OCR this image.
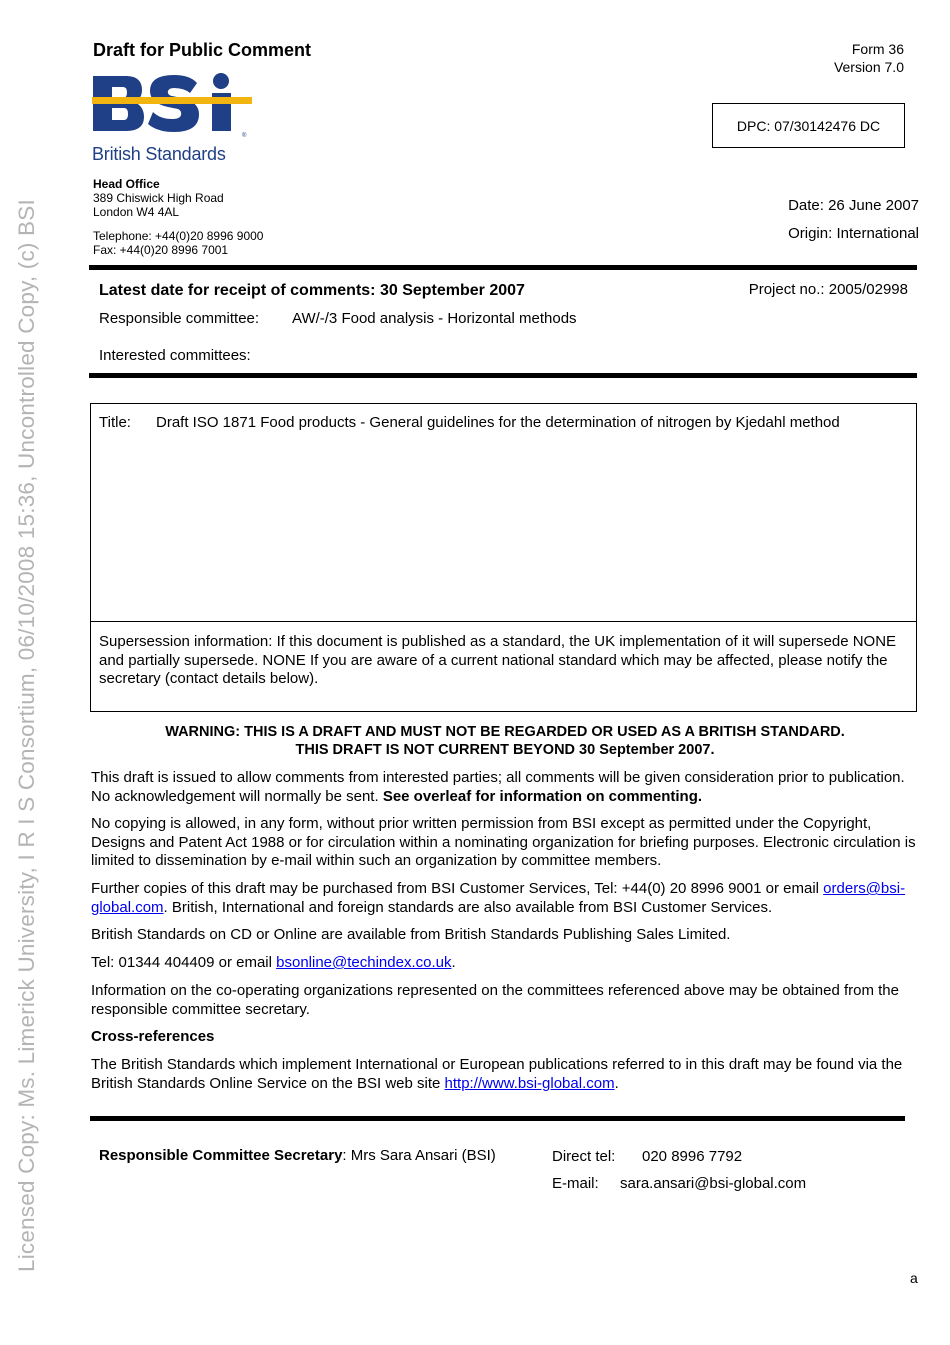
Licensed Copy: Ms. Limerick University, I R I S Consortium, 06/10/2008 15:36, Uncontrolled Copy, (c) BSI
Draft for Public Comment	Form 36
Version 7.0
®
British Standards
DPC: 07/30142476 DC
Head Office
389 Chiswick High Road
London W4 4AL
Telephone: +44(0)20 8996 9000
Fax: +44(0)20 8996 7001
Date: 26 June 2007
Origin: International
Latest date for receipt of comments: 30 September 2007	Project no.: 2005/02998
Responsible committee: AW/-/3 Food analysis - Horizontal methods
Interested committees:
Title: Draft ISO 1871 Food products - General guidelines for the determination of nitrogen by Kjedahl method
Supersession information: If this document is published as a standard, the UK implementation of it will supersede NONE and partially supersede. NONE If you are aware of a current national standard which may be affected, please notify the secretary (contact details below).
WARNING: THIS IS A DRAFT AND MUST NOT BE REGARDED OR USED AS A BRITISH STANDARD.
THIS DRAFT IS NOT CURRENT BEYOND 30 September 2007.
This draft is issued to allow comments from interested parties; all comments will be given consideration prior to publication. No acknowledgement will normally be sent. See overleaf for information on commenting.
No copying is allowed, in any form, without prior written permission from BSI except as permitted under the Copyright, Designs and Patent Act 1988 or for circulation within a nominating organization for briefing purposes. Electronic circulation is limited to dissemination by e-mail within such an organization by committee members.
Further copies of this draft may be purchased from BSI Customer Services, Tel: +44(0) 20 8996 9001 or email orders@bsi-global.com. British, International and foreign standards are also available from BSI Customer Services.
British Standards on CD or Online are available from British Standards Publishing Sales Limited.
Tel: 01344 404409 or email bsonline@techindex.co.uk.
Information on the co-operating organizations represented on the committees referenced above may be obtained from the responsible committee secretary.
Cross-references
The British Standards which implement International or European publications referred to in this draft may be found via the British Standards Online Service on the BSI web site http://www.bsi-global.com.
Responsible Committee Secretary: Mrs Sara Ansari (BSI)	Direct tel: 020 8996 7792
E-mail: sara.ansari@bsi-global.com
a
